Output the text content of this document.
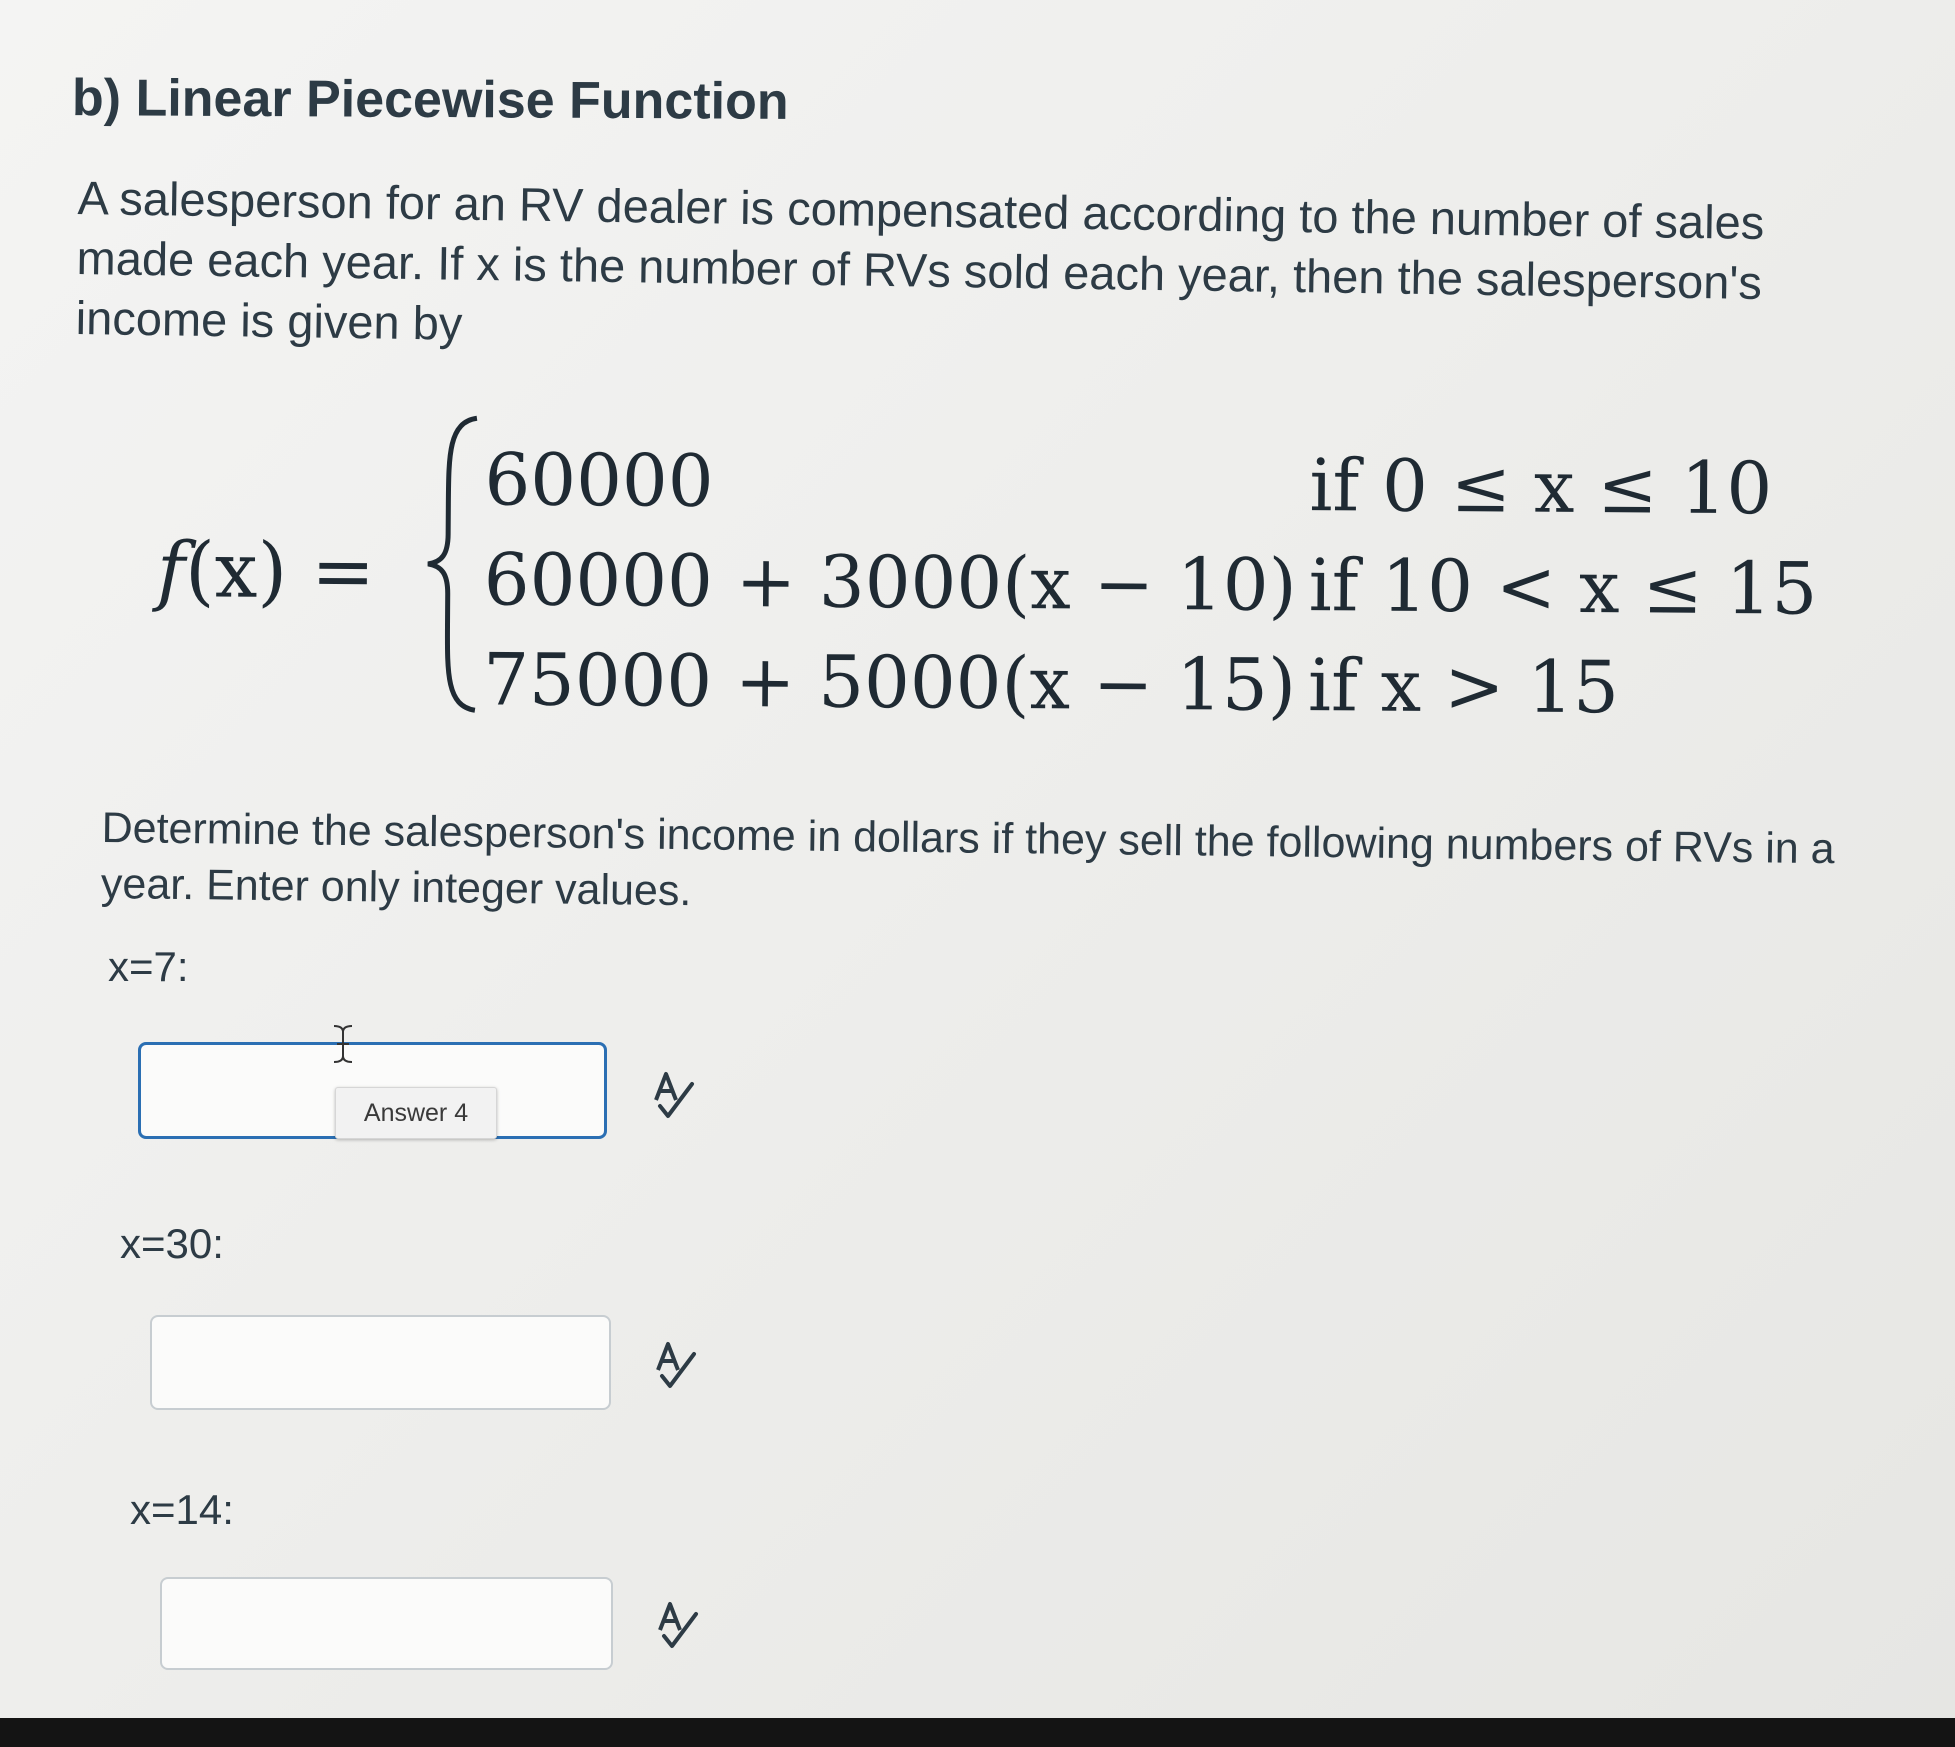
b) Linear Piecewise Function
A salesperson for an RV dealer is compensated according to the number of sales made each year. If x is the number of RVs sold each year, then the salesperson's income is given by
f(x) =
60000	if 0 ≤ x ≤ 10
60000 + 3000(x − 10) if 10 < x ≤ 15
75000 + 5000(x − 15) if x > 15
Determine the salesperson's income in dollars if they sell the following numbers of RVs in a year. Enter only integer values.
x=7:
Answer 4
x=30:
x=14:
